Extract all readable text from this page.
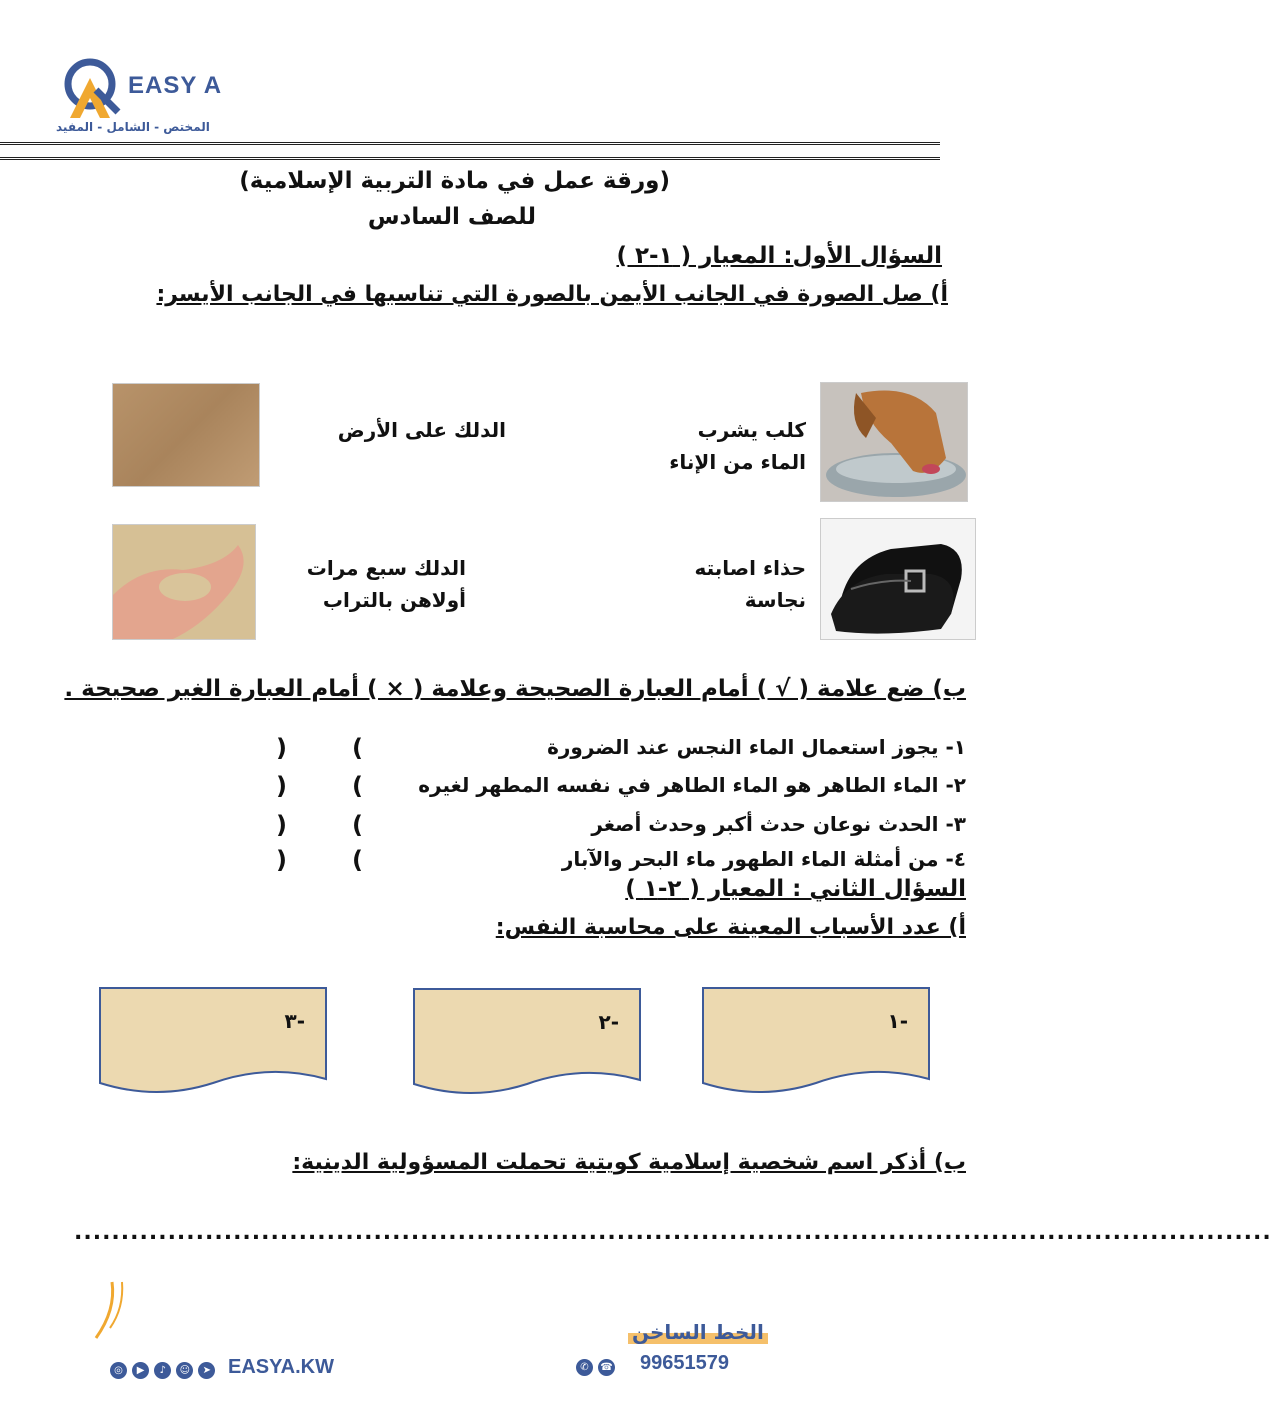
EASY A
المختص - الشامل - المفيد
(ورقة عمل في مادة التربية الإسلامية)
للصف السادس
السؤال الأول: المعيار ( ١-٢ )
أ) صل الصورة في الجانب الأيمن بالصورة التي تناسبها في الجانب الأيسر:
كلب يشرب
الماء من الإناء
حذاء اصابته
نجاسة
الدلك على الأرض
الدلك سبع مرات
أولاهن بالتراب
ب) ضع علامة ( √ ) أمام العبارة الصحيحة وعلامة ( × ) أمام العبارة الغير صحيحة .
١- يجوز استعمال الماء النجس عند الضرورة
٢- الماء الطاهر هو الماء الطاهر في نفسه المطهر لغيره
٣- الحدث نوعان حدث أكبر وحدث أصغر
٤- من أمثلة الماء الطهور ماء البحر والآبار
(
)
(
)
(
)
(
)
السؤال الثاني : المعيار ( ٢-١ )
أ) عدد الأسباب المعينة على محاسبة النفس:
-١
-٢
-٣
ب) أذكر اسم شخصية إسلامية كويتية تحملت المسؤولية الدينية:
................................................................................................................................
الخط الساخن
99651579
✆ ☎
◎ ▶ ♪ ☺ ➤ EASYA.KW
